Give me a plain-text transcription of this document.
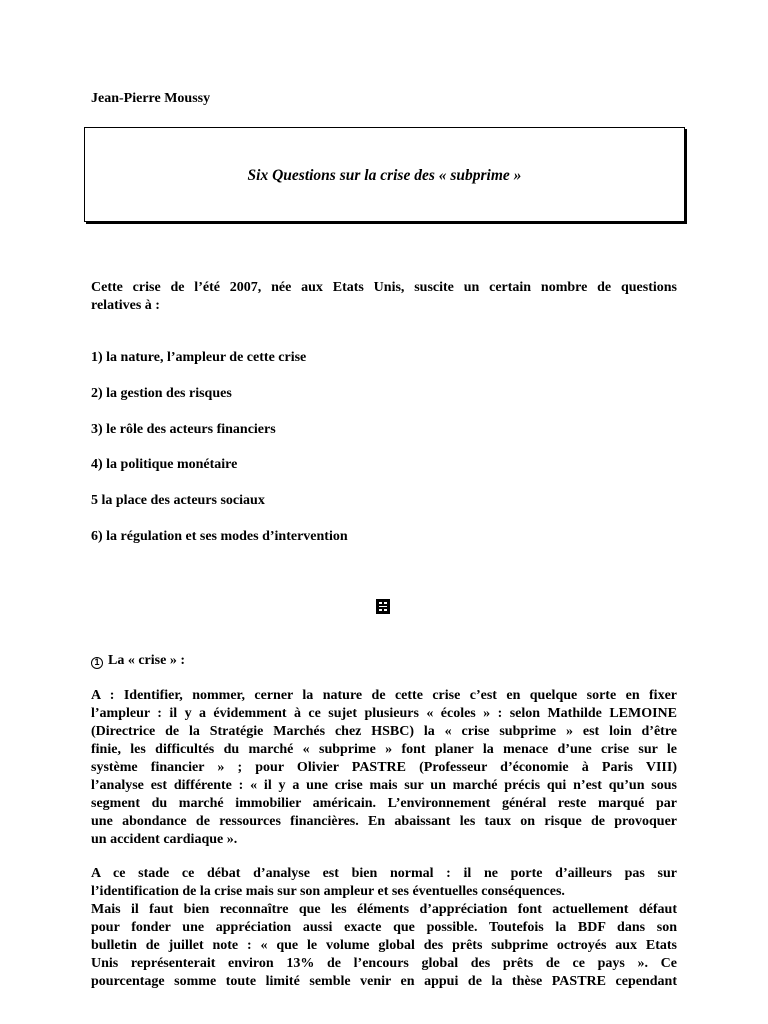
Jean-Pierre Moussy
Six Questions sur la crise des « subprime »
Cette crise de l’été 2007, née aux Etats Unis, suscite un certain nombre de questions
relatives à :
1) la nature, l’ampleur de cette crise
2) la gestion des risques
3) le rôle des acteurs financiers
4) la politique monétaire
5 la place des acteurs sociaux
6) la régulation et ses modes d’intervention
1 La « crise » :
A : Identifier, nommer, cerner la nature de cette crise c’est en quelque sorte en fixer
l’ampleur : il y a évidemment à ce sujet plusieurs « écoles » : selon Mathilde LEMOINE
(Directrice de la Stratégie Marchés chez HSBC) la « crise subprime » est loin d’être
finie, les difficultés du marché « subprime » font planer la menace d’une crise sur le
système financier » ; pour Olivier PASTRE (Professeur d’économie à Paris VIII)
l’analyse est différente : « il y a une crise mais sur un marché précis qui n’est qu’un sous
segment du marché immobilier américain. L’environnement général reste marqué par
une abondance de ressources financières. En abaissant les taux on risque de provoquer
un accident cardiaque ».
A ce stade ce débat d’analyse est bien normal : il ne porte d’ailleurs pas sur
l’identification de la crise mais sur son ampleur et ses éventuelles conséquences.
Mais il faut bien reconnaître que les éléments d’appréciation font actuellement défaut
pour fonder une appréciation aussi exacte que possible. Toutefois la BDF dans son
bulletin de juillet note : « que le volume global des prêts subprime octroyés aux Etats
Unis représenterait environ 13% de l’encours global des prêts de ce pays ». Ce
pourcentage somme toute limité semble venir en appui de la thèse PASTRE cependant
